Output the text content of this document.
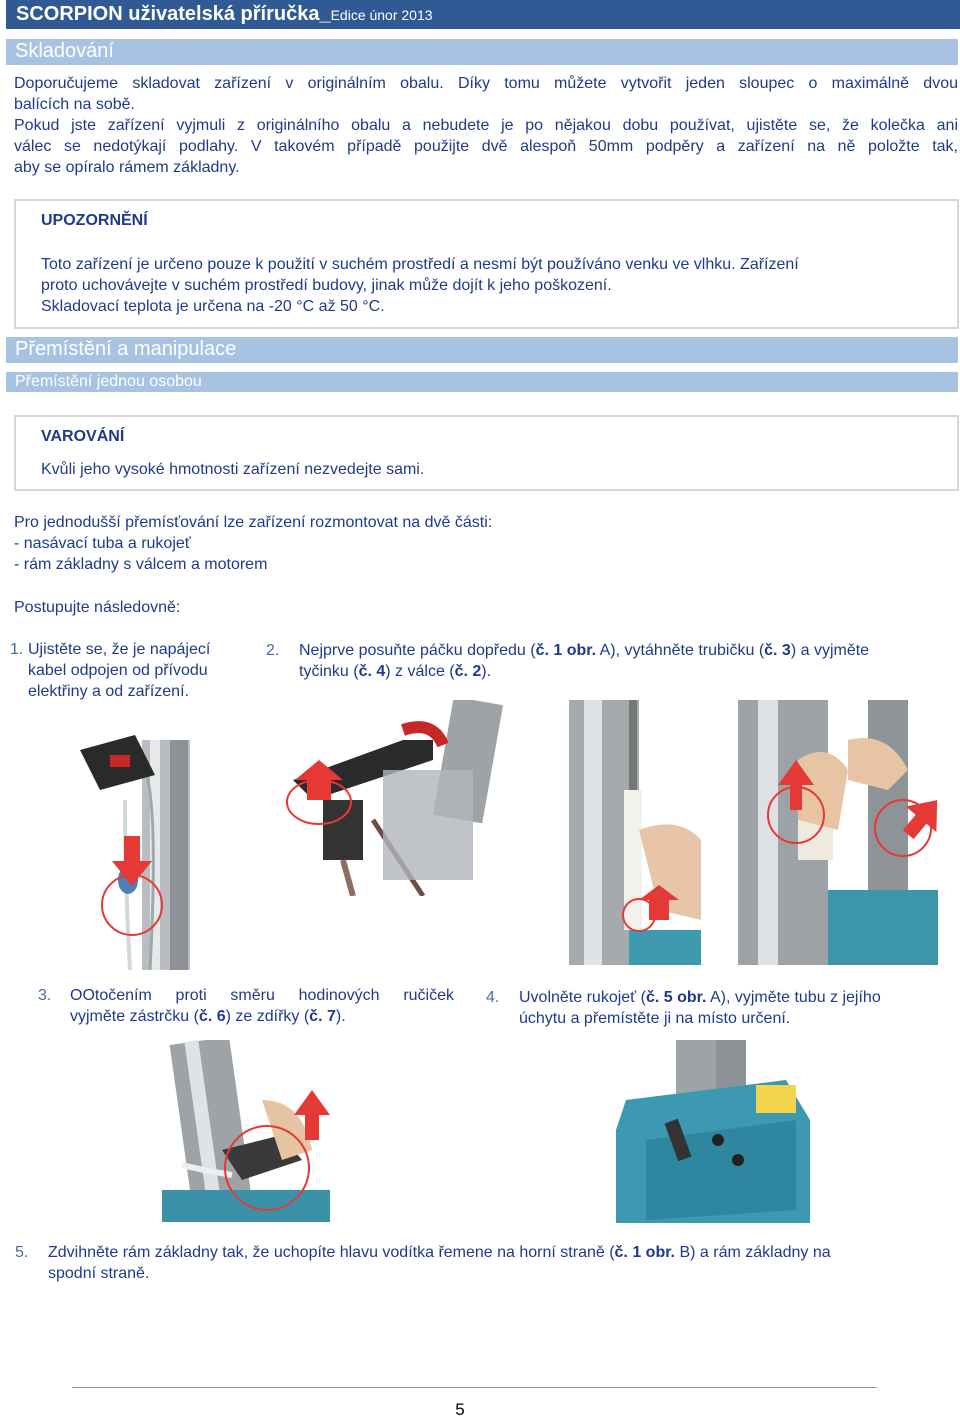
SCORPION uživatelská příručka_Edice únor 2013
Skladování
Doporučujeme skladovat zařízení v originálním obalu. Díky tomu můžete vytvořit jeden sloupec o maximálně dvou
balících na sobě.
Pokud jste zařízení vyjmuli z originálního obalu a nebudete je po nějakou dobu používat, ujistěte se, že kolečka ani
válec se nedotýkají podlahy. V takovém případě použijte dvě alespoň 50mm podpěry a zařízení na ně položte tak,
aby se opíralo rámem základny.
UPOZORNĚNÍ
Toto zařízení je určeno pouze k použití v suchém prostředí a nesmí být používáno venku ve vlhku. Zařízení
proto uchovávejte v suchém prostředí budovy, jinak může dojít k jeho poškození.
Skladovací teplota je určena na -20 °C až 50 °C.
Přemístění a manipulace
Přemístění jednou osobou
VAROVÁNÍ
Kvůli jeho vysoké hmotnosti zařízení nezvedejte sami.
Pro jednodušší přemísťování lze zařízení rozmontovat na dvě části:
- nasávací tuba a rukojeť
- rám základny s válcem a motorem
Postupujte následovně:
1. Ujistěte se, že je napájecí
kabel odpojen od přívodu
elektřiny a od zařízení.
2. Nejprve posuňte páčku dopředu (č. 1 obr. A), vytáhněte trubičku (č. 3) a vyjměte
tyčinku (č. 4) z válce (č. 2).
3. OOtočením proti směru hodinových ručiček
vyjměte zástrčku (č. 6) ze zdířky (č. 7).
4. Uvolněte rukojeť (č. 5 obr. A), vyjměte tubu z jejího
úchytu a přemístěte ji na místo určení.
5. Zdvihněte rám základny tak, že uchopíte hlavu vodítka řemene na horní straně (č. 1 obr. B) a rám základny na
spodní straně.
5
